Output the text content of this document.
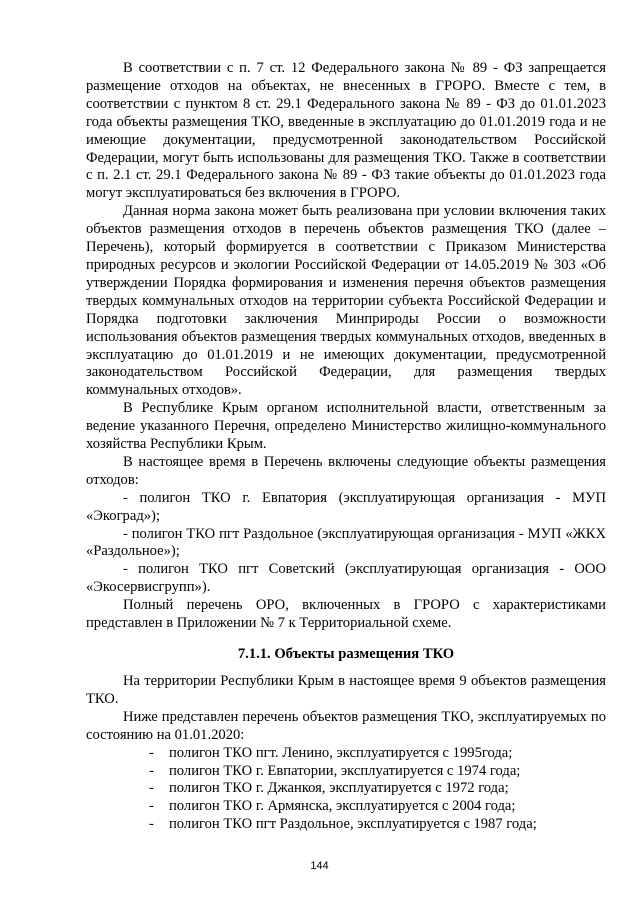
В соответствии с п. 7 ст. 12 Федерального закона № 89 - ФЗ запрещается размещение отходов на объектах, не внесенных в ГРОРО. Вместе с тем, в соответствии с пунктом 8 ст. 29.1 Федерального закона № 89 - ФЗ до 01.01.2023 года объекты размещения ТКО, введенные в эксплуатацию до 01.01.2019 года и не имеющие документации, предусмотренной законодательством Российской Федерации, могут быть использованы для размещения ТКО. Также в соответствии с п. 2.1 ст. 29.1 Федерального закона № 89 - ФЗ такие объекты до 01.01.2023 года могут эксплуатироваться без включения в ГРОРО.

Данная норма закона может быть реализована при условии включения таких объектов размещения отходов в перечень объектов размещения ТКО (далее – Перечень), который формируется в соответствии с Приказом Министерства природных ресурсов и экологии Российской Федерации от 14.05.2019 № 303 «Об утверждении Порядка формирования и изменения перечня объектов размещения твердых коммунальных отходов на территории субъекта Российской Федерации и Порядка подготовки заключения Минприроды России о возможности использования объектов размещения твердых коммунальных отходов, введенных в эксплуатацию до 01.01.2019 и не имеющих документации, предусмотренной законодательством Российской Федерации, для размещения твердых коммунальных отходов».

В Республике Крым органом исполнительной власти, ответственным за ведение указанного Перечня, определено Министерство жилищно-коммунального хозяйства Республики Крым.

В настоящее время в Перечень включены следующие объекты размещения отходов:

- полигон ТКО г. Евпатория (эксплуатирующая организация - МУП «Экоград»);

- полигон ТКО пгт Раздольное (эксплуатирующая организация - МУП «ЖКХ «Раздольное»);

- полигон ТКО пгт Советский (эксплуатирующая организация - ООО «Экосервисгрупп»).

Полный перечень ОРО, включенных в ГРОРО с характеристиками представлен в Приложении № 7 к Территориальной схеме.

7.1.1. Объекты размещения ТКО

На территории Республики Крым в настоящее время 9 объектов размещения ТКО.

Ниже представлен перечень объектов размещения ТКО, эксплуатируемых по состоянию на 01.01.2020:

- полигон ТКО пгт. Ленино, эксплуатируется с 1995года;
- полигон ТКО г. Евпатории, эксплуатируется с 1974 года;
- полигон ТКО г. Джанкоя, эксплуатируется с 1972 года;
- полигон ТКО г. Армянска, эксплуатируется с 2004 года;
- полигон ТКО пгт Раздольное, эксплуатируется с 1987 года;
144
